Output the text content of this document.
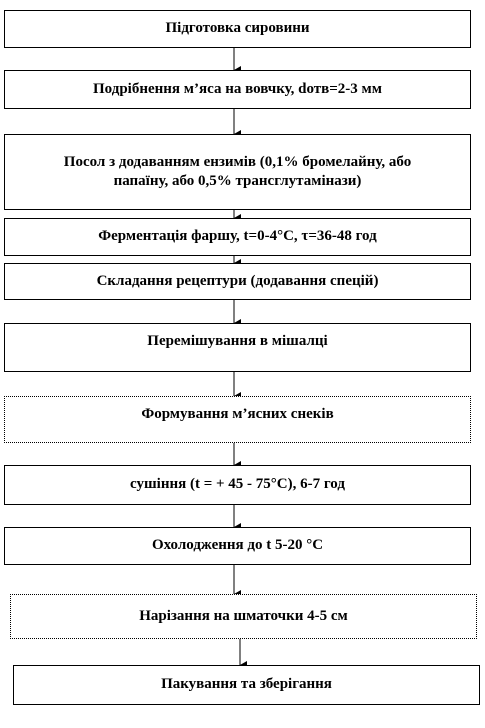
Підготовка сировини
Подрібнення м’яса на вовчку, dотв=2-3 мм
Посол з додаванням ензимів (0,1% бромелайну, або папаїну, або 0,5% трансглутамінази)
Ферментація фаршу, t=0-4°С, τ=36-48 год
Складання рецептури (додавання спецій)
Перемішування в мішалці
Формування м’ясних снеків
сушіння (t = + 45 - 75°С), 6-7 год
Охолодження до t 5-20 °С
Нарізання на шматочки 4-5 см
Пакування та зберігання
